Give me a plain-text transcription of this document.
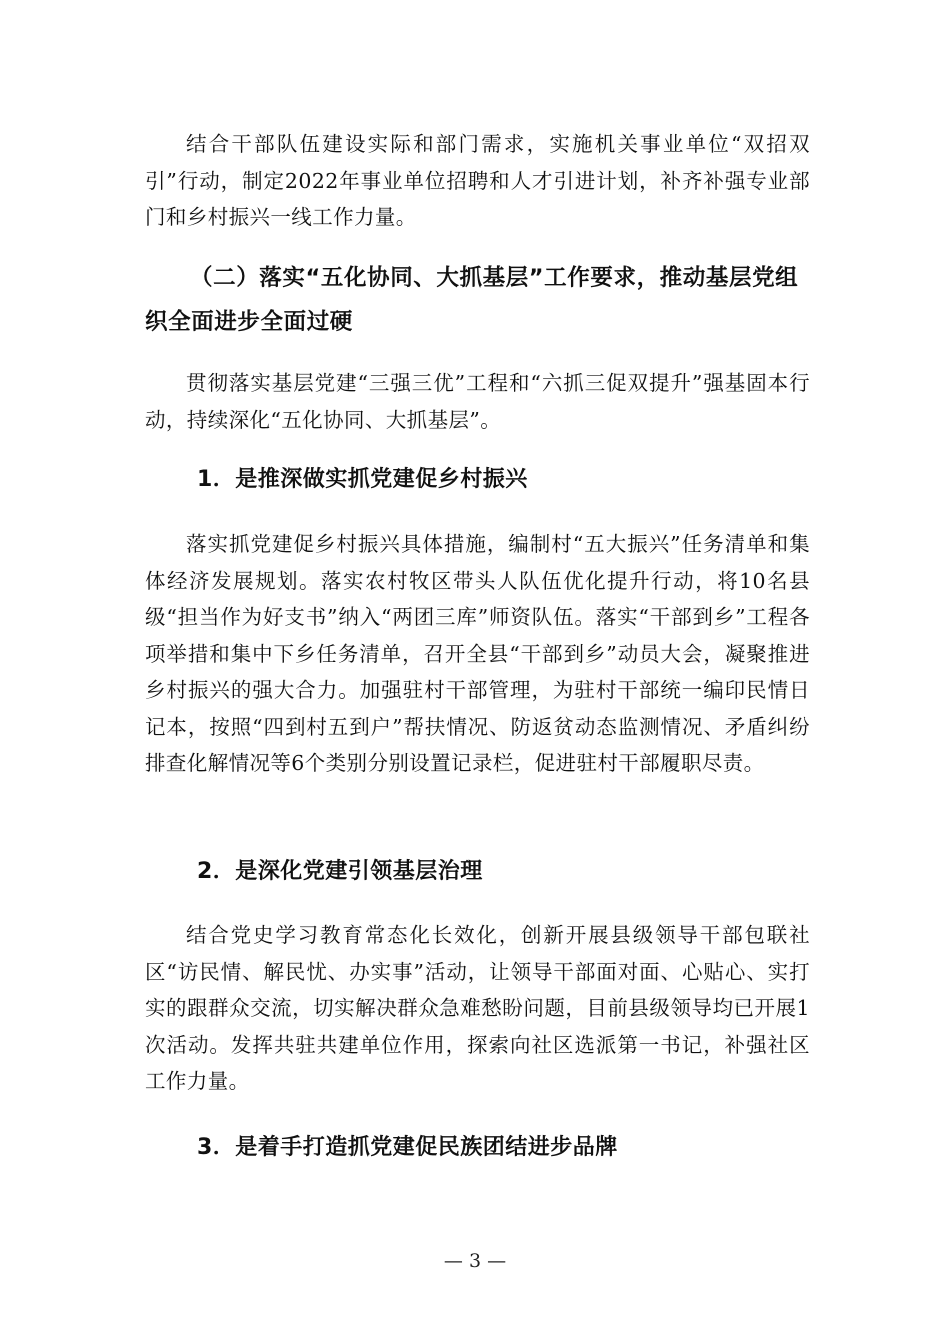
结合干部队伍建设实际和部门需求，实施机关事业单位“双招双引”行动，制定2022年事业单位招聘和人才引进计划，补齐补强专业部门和乡村振兴一线工作力量。
（二）落实“五化协同、大抓基层”工作要求，推动基层党组织全面进步全面过硬
贯彻落实基层党建“三强三优”工程和“六抓三促双提升”强基固本行动，持续深化“五化协同、大抓基层”。
1．是推深做实抓党建促乡村振兴
落实抓党建促乡村振兴具体措施，编制村“五大振兴”任务清单和集体经济发展规划。落实农村牧区带头人队伍优化提升行动，将10名县级“担当作为好支书”纳入“两团三库”师资队伍。落实“干部到乡”工程各项举措和集中下乡任务清单，召开全县“干部到乡”动员大会，凝聚推进乡村振兴的强大合力。加强驻村干部管理，为驻村干部统一编印民情日记本，按照“四到村五到户”帮扶情况、防返贫动态监测情况、矛盾纠纷排查化解情况等6个类别分别设置记录栏，促进驻村干部履职尽责。
2．是深化党建引领基层治理
结合党史学习教育常态化长效化，创新开展县级领导干部包联社区“访民情、解民忧、办实事”活动，让领导干部面对面、心贴心、实打实的跟群众交流，切实解决群众急难愁盼问题，目前县级领导均已开展1次活动。发挥共驻共建单位作用，探索向社区选派第一书记，补强社区工作力量。
3．是着手打造抓党建促民族团结进步品牌
— 3 —
